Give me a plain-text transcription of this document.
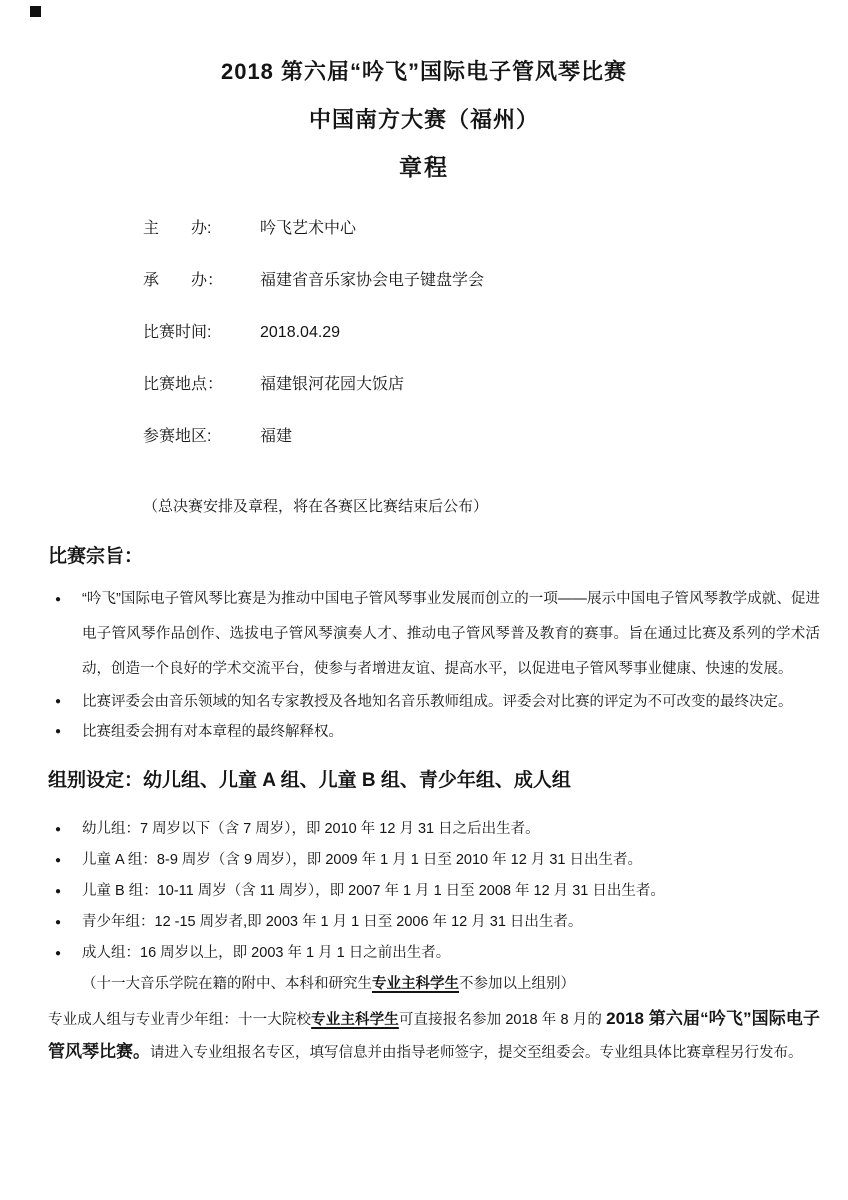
2018 第六届“吟飞”国际电子管风琴比赛
中国南方大赛（福州）
章程
主　　办:	吟飞艺术中心
承　　办：	福建省音乐家协会电子键盘学会
比赛时间:	2018.04.29
比赛地点：	福建银河花园大饭店
参赛地区:	福建
（总决赛安排及章程，将在各赛区比赛结束后公布）
比赛宗旨：
●	“吟飞”国际电子管风琴比赛是为推动中国电子管风琴事业发展而创立的一项——展示中国电子管风琴教学成就、促进电子管风琴作品创作、选拔电子管风琴演奏人才、推动电子管风琴普及教育的赛事。旨在通过比赛及系列的学术活动，创造一个良好的学术交流平台，使参与者增进友谊、提高水平，以促进电子管风琴事业健康、快速的发展。

●	比赛评委会由音乐领域的知名专家教授及各地知名音乐教师组成。评委会对比赛的评定为不可改变的最终决定。

●	比赛组委会拥有对本章程的最终解释权。

组别设定：幼儿组、儿童 A 组、儿童 B 组、青少年组、成人组
●	幼儿组：7 周岁以下（含 7 周岁），即 2010 年 12 月 31 日之后出生者。

●	儿童 A 组：8-9 周岁（含 9 周岁），即 2009 年 1 月 1 日至 2010 年 12 月 31 日出生者。

●	儿童 B 组：10-11 周岁（含 11 周岁），即 2007 年 1 月 1 日至 2008 年 12 月 31 日出生者。

●	青少年组：12 -15 周岁者,即 2003 年 1 月 1 日至 2006 年 12 月 31 日出生者。

●	成人组：16 周岁以上，即 2003 年 1 月 1 日之前出生者。

（十一大音乐学院在籍的附中、本科和研究生专业主科学生不参加以上组别）

专业成人组与专业青少年组：十一大院校专业主科学生可直接报名参加 2018 年 8 月的 2018 第六届“吟飞”国际电子管风琴比赛。请进入专业组报名专区，填写信息并由指导老师签字，提交至组委会。专业组具体比赛章程另行发布。
